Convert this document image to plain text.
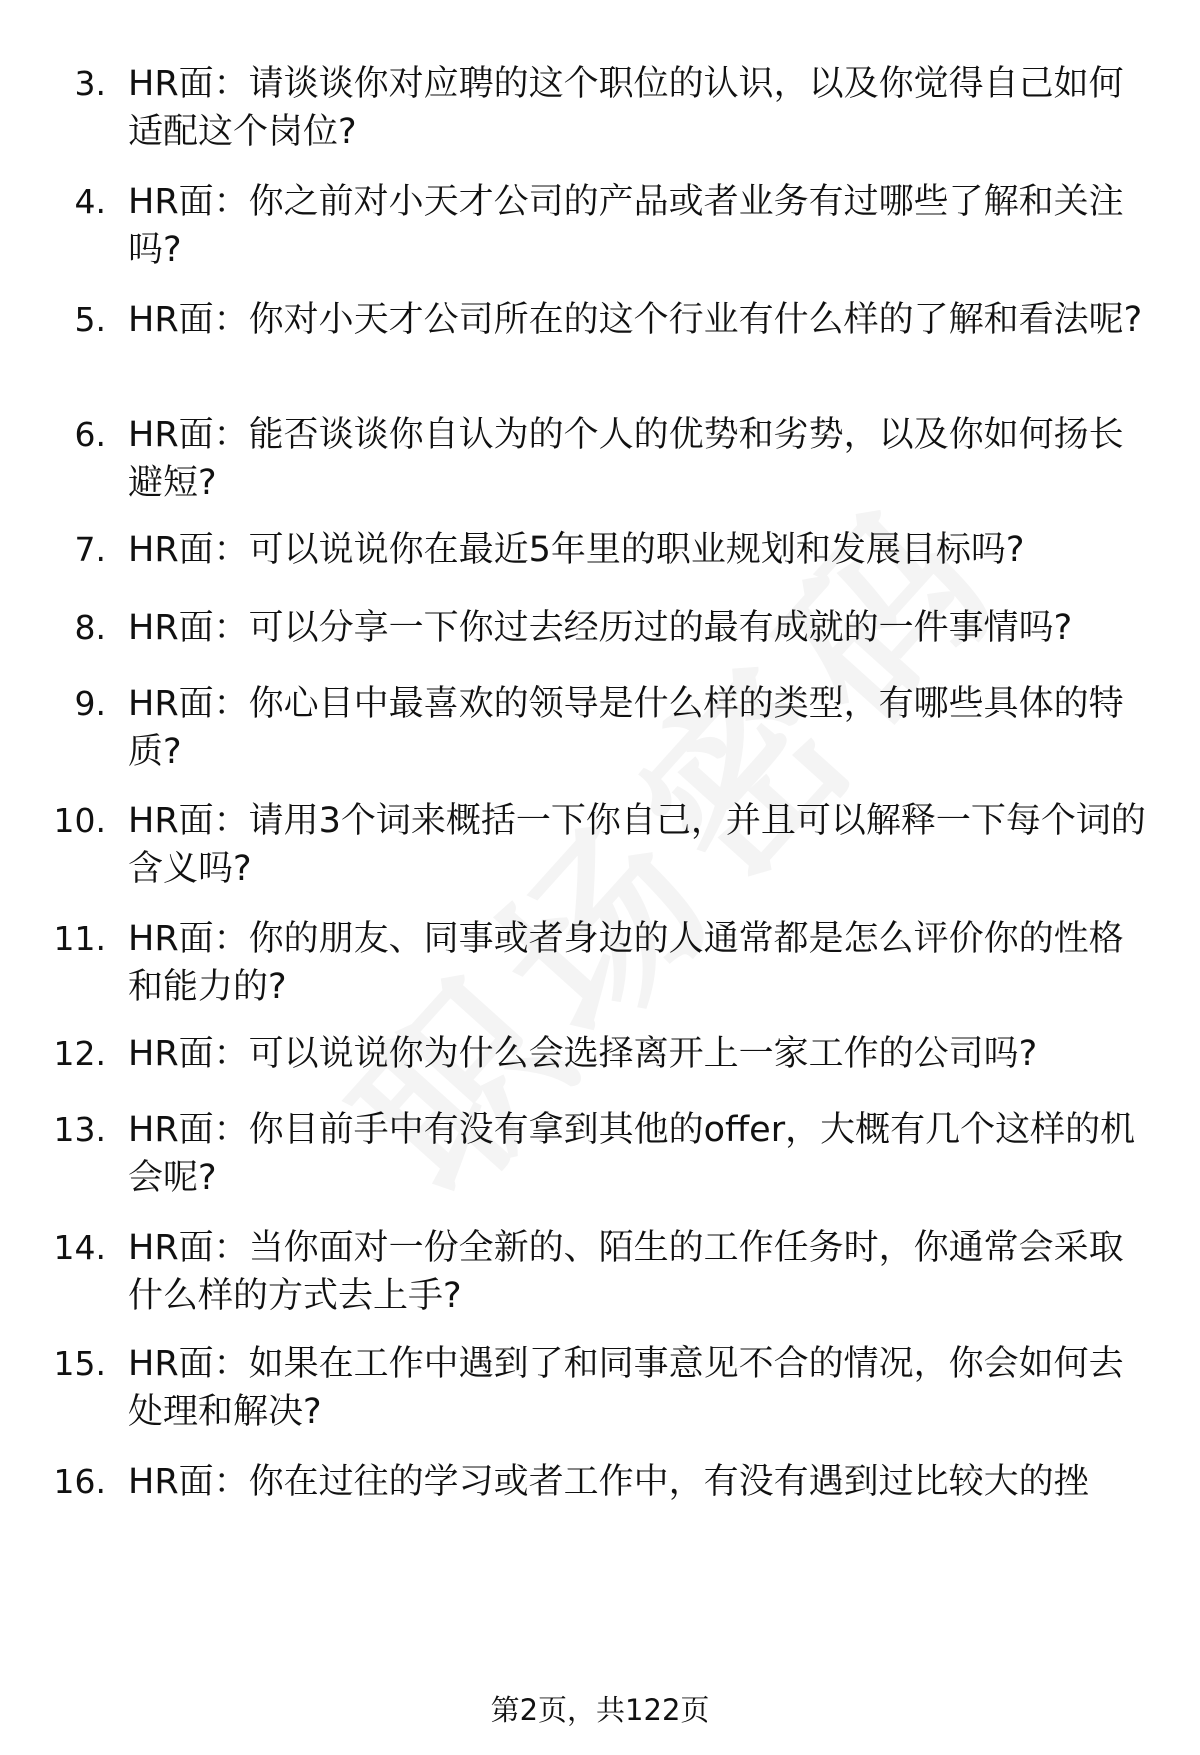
3. HR面：请谈谈你对应聘的这个职位的认识，以及你觉得自己如何适配这个岗位?
4. HR面：你之前对小天才公司的产品或者业务有过哪些了解和关注吗?
5. HR面：你对小天才公司所在的这个行业有什么样的了解和看法呢?
6. HR面：能否谈谈你自认为的个人的优势和劣势，以及你如何扬长避短?
7. HR面：可以说说你在最近5年里的职业规划和发展目标吗?
8. HR面：可以分享一下你过去经历过的最有成就的一件事情吗?
9. HR面：你心目中最喜欢的领导是什么样的类型，有哪些具体的特质?
10. HR面：请用3个词来概括一下你自己，并且可以解释一下每个词的含义吗?
11. HR面：你的朋友、同事或者身边的人通常都是怎么评价你的性格和能力的?
12. HR面：可以说说你为什么会选择离开上一家工作的公司吗?
13. HR面：你目前手中有没有拿到其他的offer，大概有几个这样的机会呢?
14. HR面：当你面对一份全新的、陌生的工作任务时，你通常会采取什么样的方式去上手?
15. HR面：如果在工作中遇到了和同事意见不合的情况，你会如何去处理和解决?
16. HR面：你在过往的学习或者工作中，有没有遇到过比较大的挫
第2页，共122页
